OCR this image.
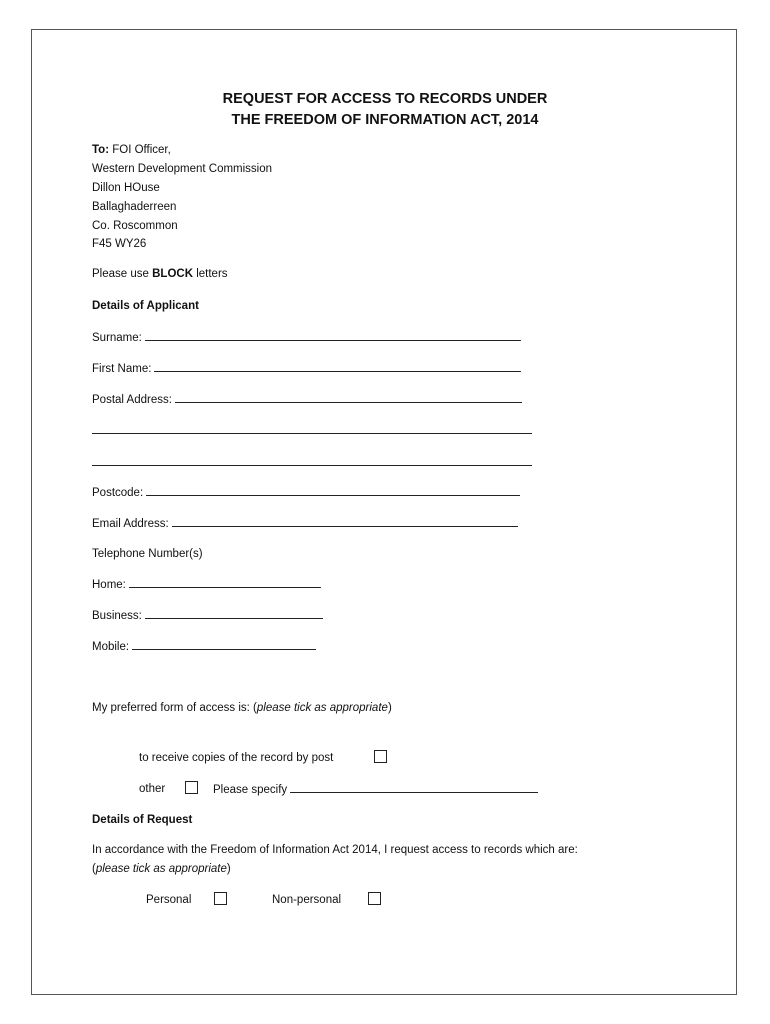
REQUEST FOR ACCESS TO RECORDS UNDER
THE FREEDOM OF INFORMATION ACT, 2014
To: FOI Officer,
Western Development Commission
Dillon HOuse
Ballaghaderreen
Co. Roscommon
F45 WY26
Please use BLOCK letters
Details of Applicant
Surname:
First Name:
Postal Address:
Postcode:
Email Address:
Telephone Number(s)
Home:
Business:
Mobile:
My preferred form of access is: (please tick as appropriate)
to receive copies of the record by post
other	Please specify
Details of Request
In accordance with the Freedom of Information Act 2014, I request access to records which are:
(please tick as appropriate)
Personal	Non-personal
